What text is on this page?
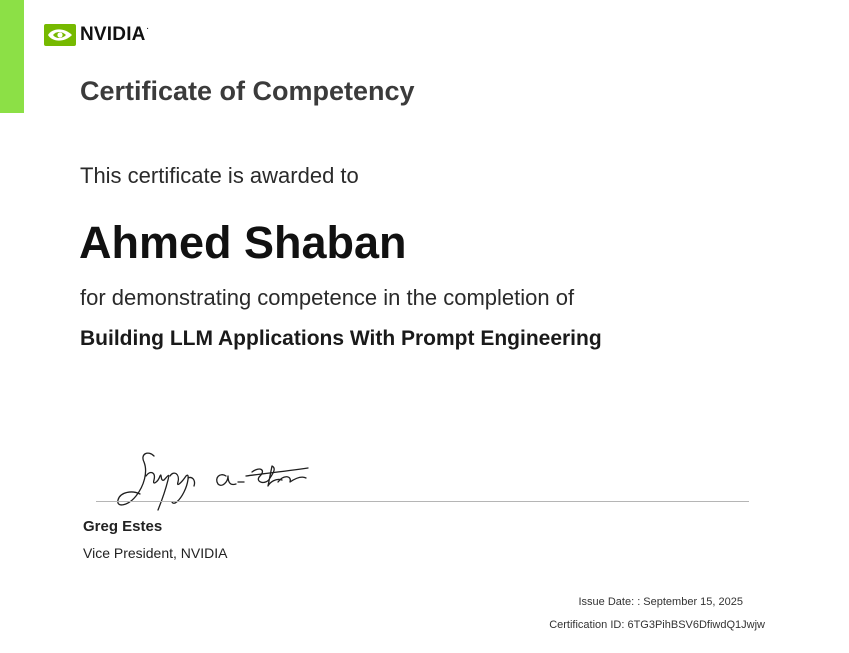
NVIDIA.
Certificate of Competency

This certificate is awarded to

Ahmed Shaban

for demonstrating competence in the completion of

Building LLM Applications With Prompt Engineering

Greg Estes
Vice President, NVIDIA
Issue Date: : September 15, 2025
Certification ID: 6TG3PihBSV6DfiwdQ1Jwjw
